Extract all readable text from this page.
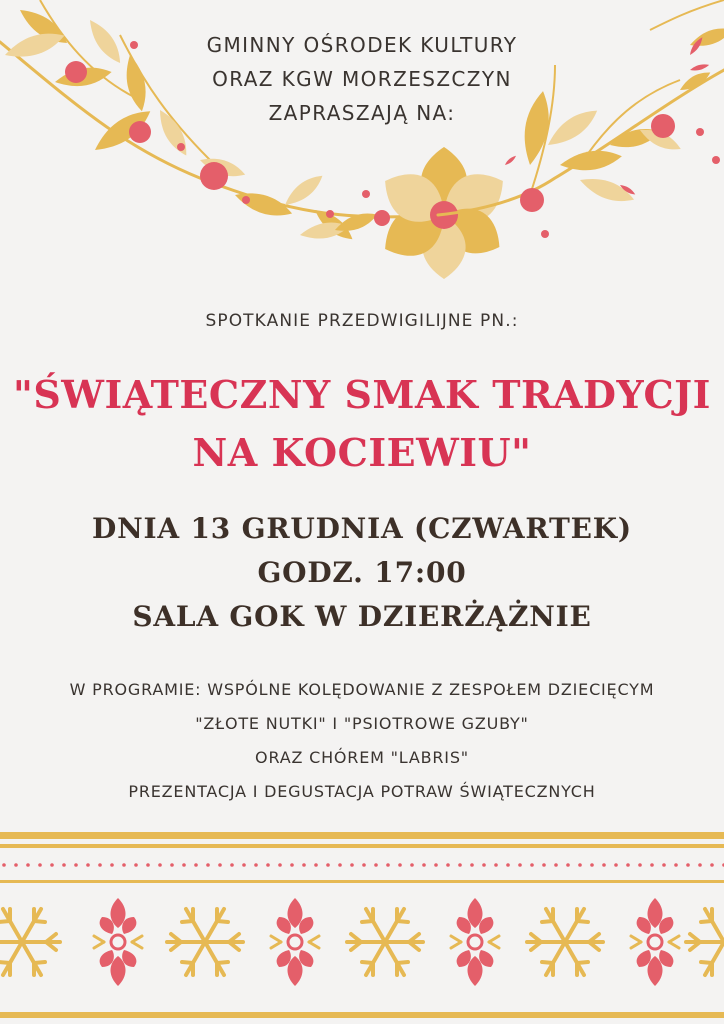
GMINNY OŚRODEK KULTURY
ORAZ KGW MORZESZCZYN
ZAPRASZAJĄ NA:
SPOTKANIE PRZEDWIGILIJNE PN.:
"ŚWIĄTECZNY SMAK TRADYCJI
NA KOCIEWIU"
DNIA 13 GRUDNIA (CZWARTEK)
GODZ. 17:00
SALA GOK W DZIERŻĄŻNIE
W PROGRAMIE: WSPÓLNE KOLĘDOWANIE Z ZESPOŁEM DZIECIĘCYM
"ZŁOTE NUTKI" I "PSIOTROWE GZUBY"
ORAZ CHÓREM "LABRIS"
PREZENTACJA I DEGUSTACJA POTRAW ŚWIĄTECZNYCH
